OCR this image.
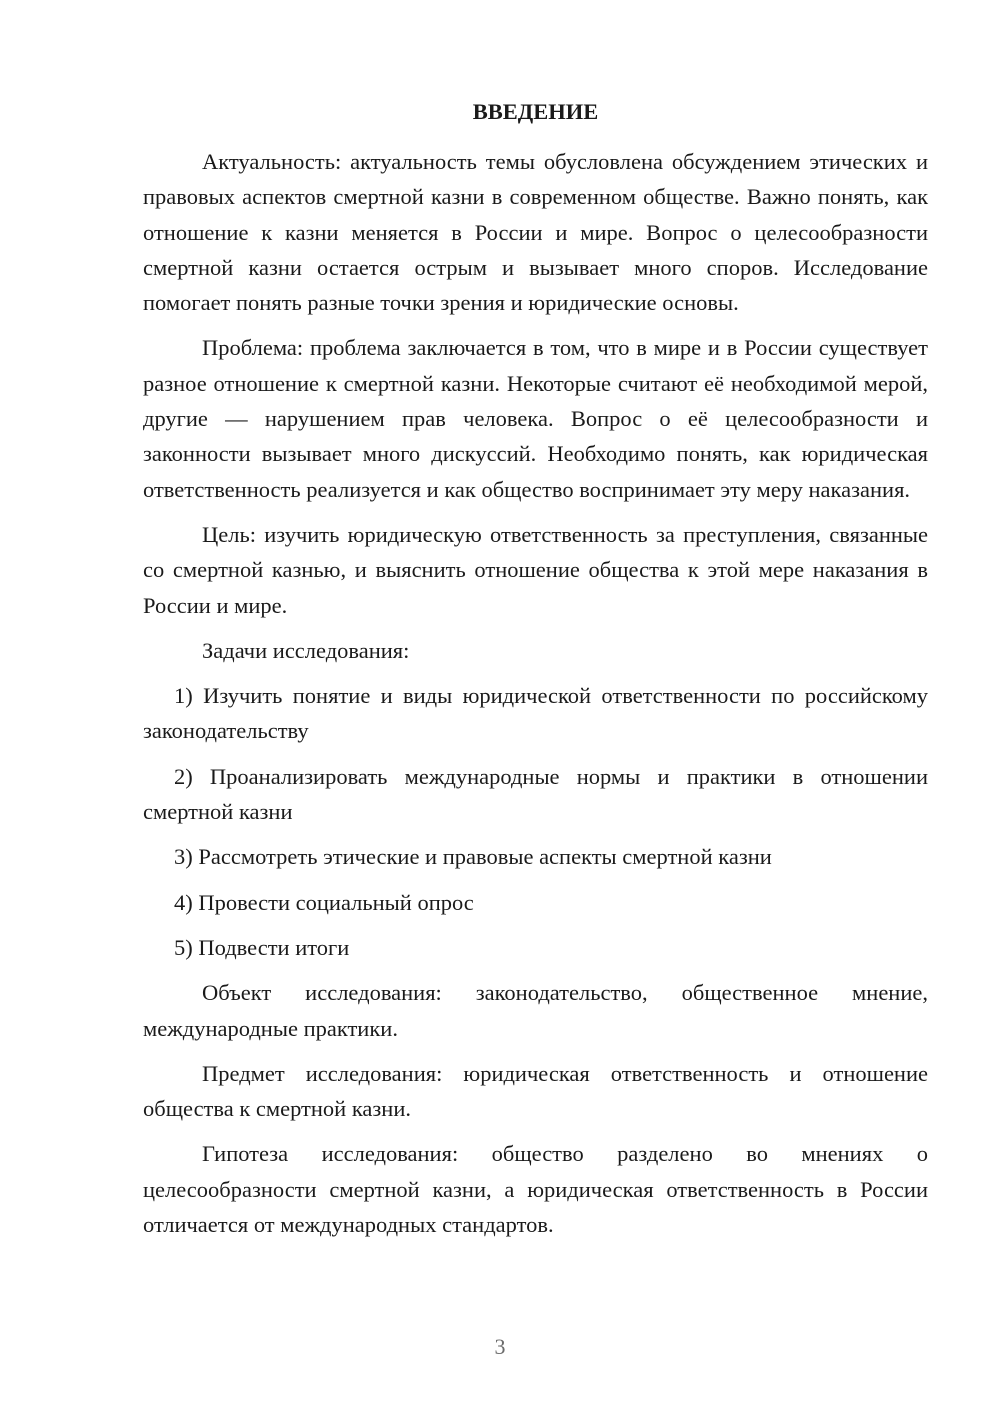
ВВЕДЕНИЕ

Актуальность: актуальность темы обусловлена обсуждением этических и правовых аспектов смертной казни в современном обществе. Важно понять, как отношение к казни меняется в России и мире. Вопрос о целесообразности смертной казни остается острым и вызывает много споров. Исследование помогает понять разные точки зрения и юридические основы.

Проблема: проблема заключается в том, что в мире и в России существует разное отношение к смертной казни. Некоторые считают её необходимой мерой, другие — нарушением прав человека. Вопрос о её целесообразности и законности вызывает много дискуссий. Необходимо понять, как юридическая ответственность реализуется и как общество воспринимает эту меру наказания.

Цель: изучить юридическую ответственность за преступления, связанные со смертной казнью, и выяснить отношение общества к этой мере наказания в России и мире.

Задачи исследования:

1) Изучить понятие и виды юридической ответственности по российскому законодательству

2) Проанализировать международные нормы и практики в отношении смертной казни

3) Рассмотреть этические и правовые аспекты смертной казни

4) Провести социальный опрос

5) Подвести итоги

Объект исследования: законодательство, общественное мнение, международные практики.

Предмет исследования: юридическая ответственность и отношение общества к смертной казни.

Гипотеза исследования: общество разделено во мнениях о целесообразности смертной казни, а юридическая ответственность в России отличается от международных стандартов.

3
